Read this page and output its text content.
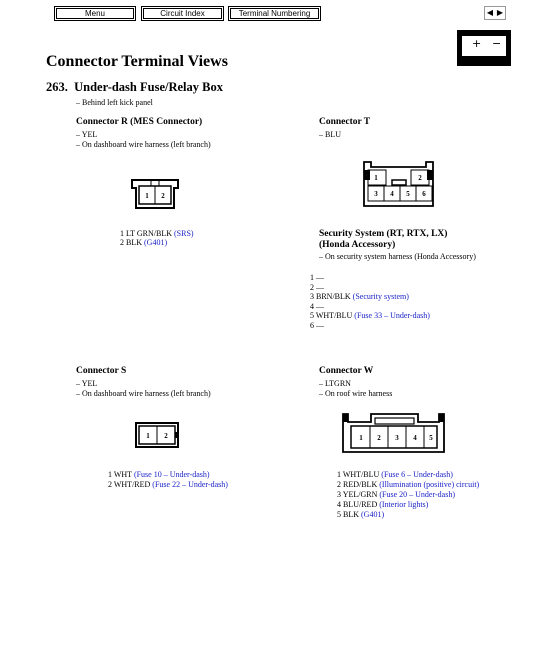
Menu	Circuit Index	Terminal Numbering	◀ ▶
+ −
Connector Terminal Views
263. Under-dash Fuse/Relay Box
– Behind left kick panel
Connector R (MES Connector)
– YEL
– On dashboard wire harness (left branch)
1 2
1 LT GRN/BLK (SRS)
2 BLK (G401)
Connector T
– BLU
1	2
3 4 5 6
Security System (RT, RTX, LX)
(Honda Accessory)
– On security system harness (Honda Accessory)
1 —
2 —
3 BRN/BLK (Security system)
4 —
5 WHT/BLU (Fuse 33 – Under-dash)
6 —
Connector S
– YEL
– On dashboard wire harness (left branch)
1 2
1 WHT (Fuse 10 – Under-dash)
2 WHT/RED (Fuse 22 – Under-dash)
Connector W
– LTGRN
– On roof wire harness
1 2 3 4 5
1 WHT/BLU (Fuse 6 – Under-dash)
2 RED/BLK (Illumination (positive) circuit)
3 YEL/GRN (Fuse 20 – Under-dash)
4 BLU/RED (Interior lights)
5 BLK (G401)
